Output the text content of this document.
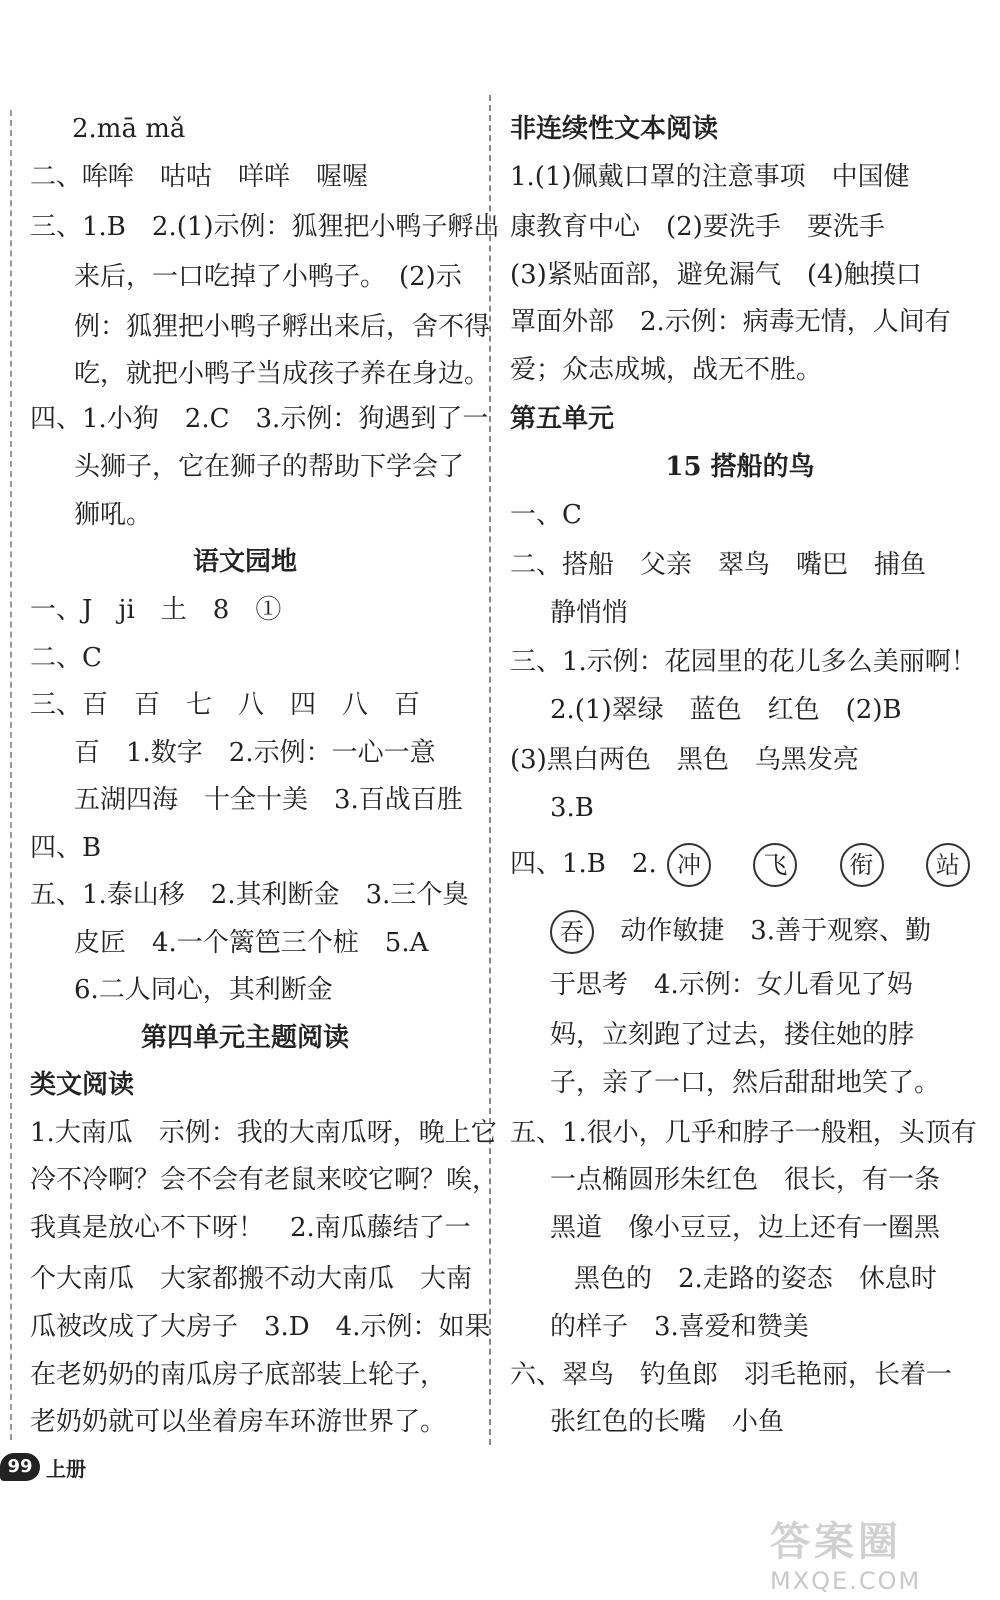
2.mā mǎ
二、哞哞　咕咕　咩咩　喔喔
三、1.B　2.(1)示例：狐狸把小鸭子孵出
来后，一口吃掉了小鸭子。　(2)示
例：狐狸把小鸭子孵出来后，舍不得
吃，就把小鸭子当成孩子养在身边。
四、1.小狗　2.C　3.示例：狗遇到了一
头狮子，它在狮子的帮助下学会了
狮吼。
语文园地
一、J　ji　土　8　①
二、C
三、百　百　七　八　四　八　百
百　1.数字　2.示例：一心一意
五湖四海　十全十美　3.百战百胜
四、B
五、1.泰山移　2.其利断金　3.三个臭
皮匠　4.一个篱笆三个桩　5.A
6.二人同心，其利断金
第四单元主题阅读
类文阅读
1.大南瓜　示例：我的大南瓜呀，晚上它
冷不冷啊？会不会有老鼠来咬它啊？唉，
我真是放心不下呀！　2.南瓜藤结了一
个大南瓜　大家都搬不动大南瓜　大南
瓜被改成了大房子　3.D　4.示例：如果
在老奶奶的南瓜房子底部装上轮子，
老奶奶就可以坐着房车环游世界了。
非连续性文本阅读
1.(1)佩戴口罩的注意事项　中国健
康教育中心　(2)要洗手　要洗手
(3)紧贴面部，避免漏气　(4)触摸口
罩面外部　2.示例：病毒无情，人间有
爱；众志成城，战无不胜。
第五单元
15 搭船的鸟
一、C
二、搭船　父亲　翠鸟　嘴巴　捕鱼
静悄悄
三、1.示例：花园里的花儿多么美丽啊！
2.(1)翠绿　蓝色　红色　(2)B
(3)黑白两色　黑色　乌黑发亮
3.B
四、1.B　2. 冲	飞	衔	站
吞 动作敏捷　3.善于观察、勤
于思考　4.示例：女儿看见了妈
妈，立刻跑了过去，搂住她的脖
子，亲了一口，然后甜甜地笑了。
五、1.很小，几乎和脖子一般粗，头顶有
一点椭圆形朱红色　很长，有一条
黑道　像小豆豆，边上还有一圈黑
黑色的　2.走路的姿态　休息时
的样子　3.喜爱和赞美
六、翠鸟　钓鱼郎　羽毛艳丽，长着一
张红色的长嘴　小鱼
99 上册
答案圈
MXQE.COM
